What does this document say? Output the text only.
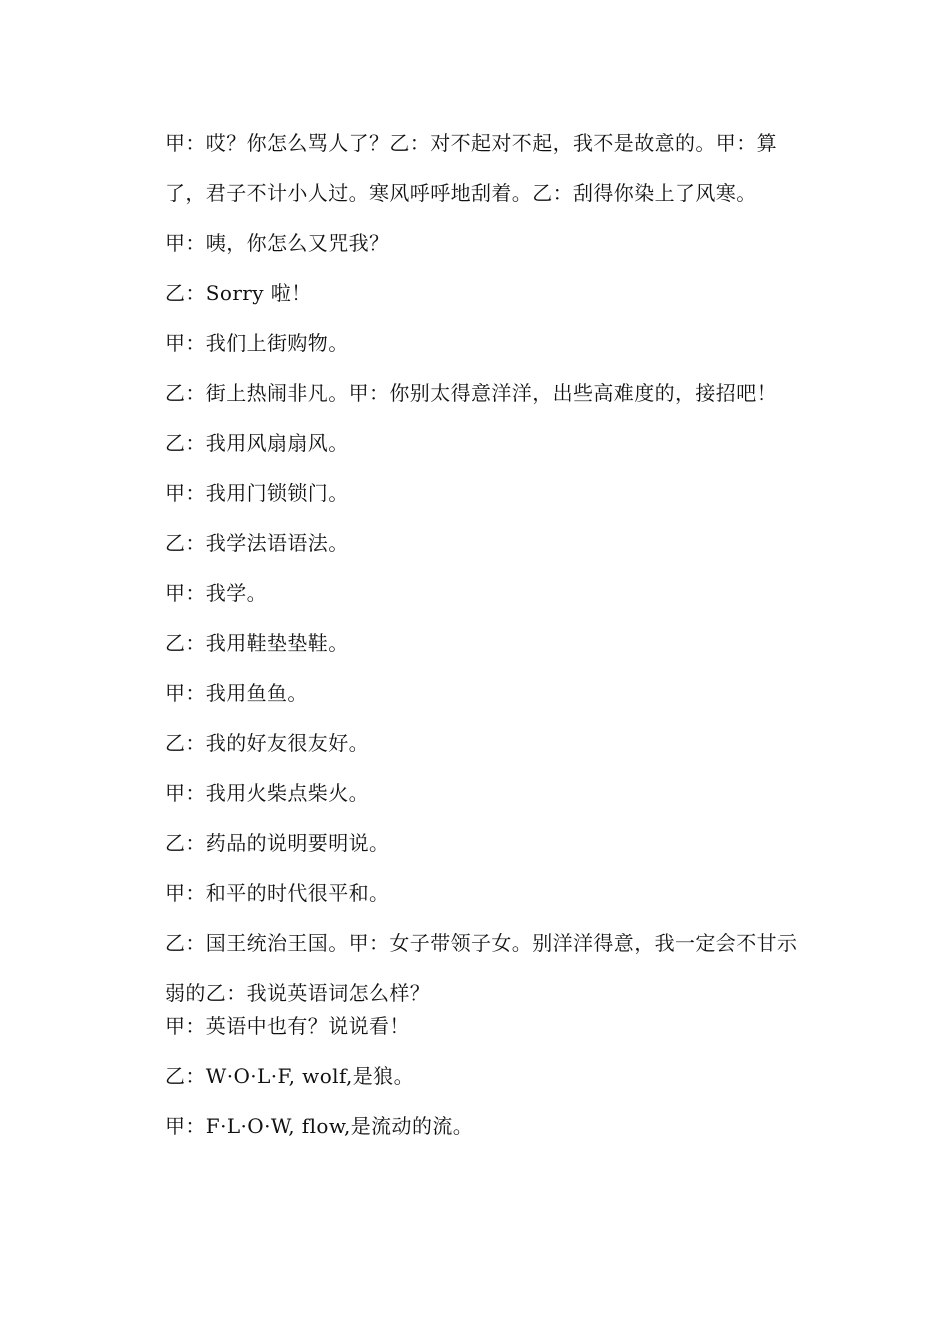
甲：哎？你怎么骂人了？乙：对不起对不起，我不是故意的。甲：算了，君子不计小人过。寒风呼呼地刮着。乙：刮得你染上了风寒。

甲：咦，你怎么又咒我？

乙：Sorry 啦！

甲：我们上街购物。

乙：街上热闹非凡。甲：你别太得意洋洋，出些高难度的，接招吧！乙：我用风扇扇风。

甲：我用门锁锁门。

乙：我学法语语法。

甲：我学。

乙：我用鞋垫垫鞋。

甲：我用鱼鱼。

乙：我的好友很友好。

甲：我用火柴点柴火。

乙：药品的说明要明说。

甲：和平的时代很平和。

乙：国王统治王国。甲：女子带领子女。别洋洋得意，我一定会不甘示弱的乙：我说英语词怎么样？

甲：英语中也有？说说看！

乙：W·O·L·F, wolf,是狼。

甲：F·L·O·W, flow,是流动的流。
